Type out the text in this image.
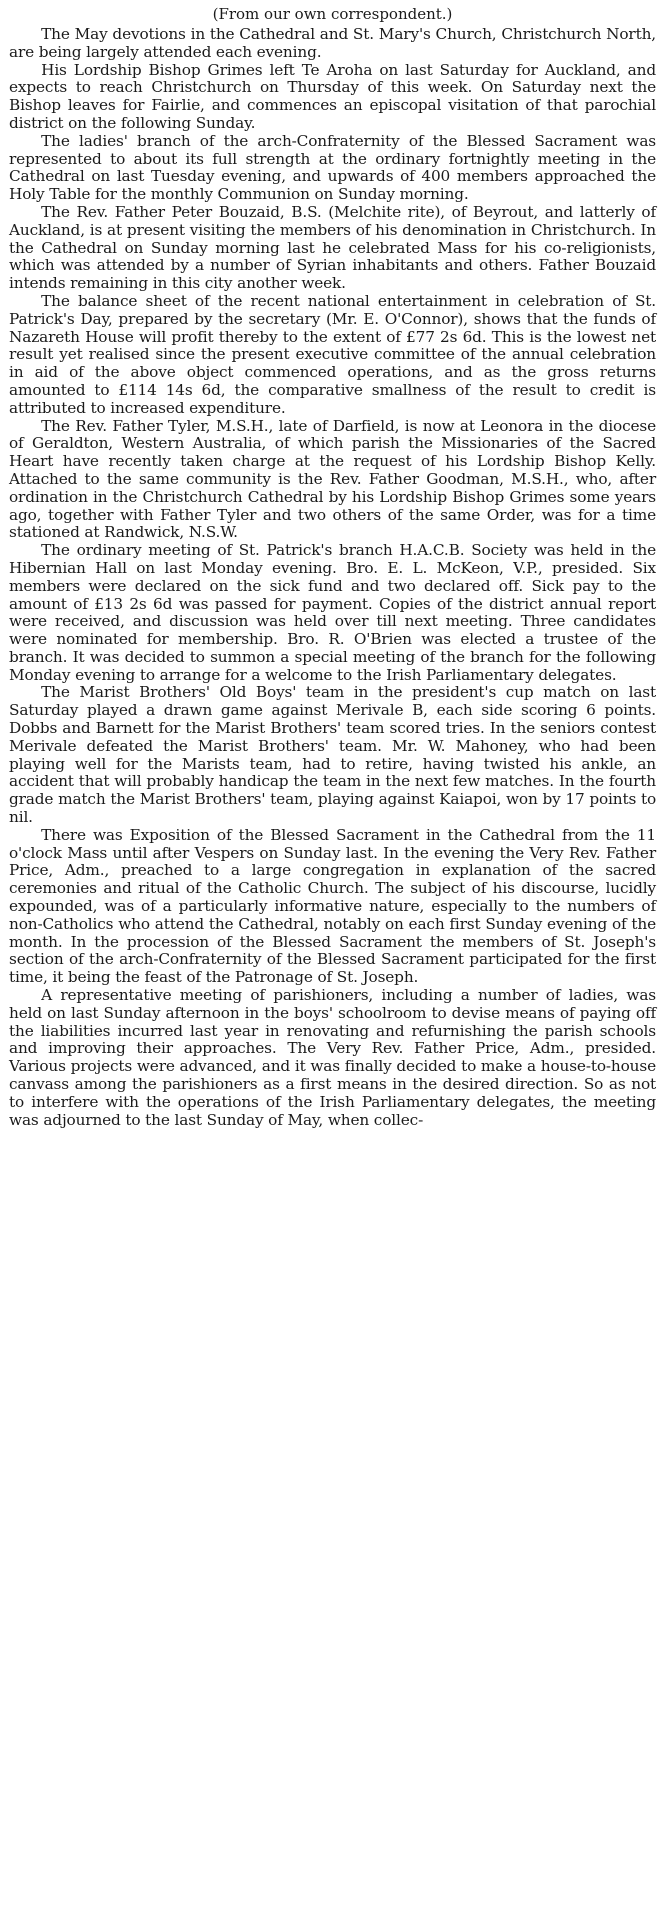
(From our own correspondent.)

The May devotions in the Cathedral and St. Mary's Church, Christchurch North, are being largely attended each evening.

His Lordship Bishop Grimes left Te Aroha on last Saturday for Auckland, and expects to reach Christchurch on Thursday of this week. On Saturday next the Bishop leaves for Fairlie, and commences an episcopal visitation of that parochial district on the following Sunday.

The ladies' branch of the arch-Confraternity of the Blessed Sacrament was represented to about its full strength at the ordinary fortnightly meeting in the Cathedral on last Tuesday evening, and upwards of 400 members approached the Holy Table for the monthly Communion on Sunday morning.

The Rev. Father Peter Bouzaid, B.S. (Melchite rite), of Beyrout, and latterly of Auckland, is at present visiting the members of his denomination in Christchurch. In the Cathedral on Sunday morning last he celebrated Mass for his co-religionists, which was attended by a number of Syrian inhabitants and others. Father Bouzaid intends remaining in this city another week.

The balance sheet of the recent national entertainment in celebration of St. Patrick's Day, prepared by the secretary (Mr. E. O'Connor), shows that the funds of Nazareth House will profit thereby to the extent of £77 2s 6d. This is the lowest net result yet realised since the present executive committee of the annual celebration in aid of the above object commenced operations, and as the gross returns amounted to £114 14s 6d, the comparative smallness of the result to credit is attributed to increased expenditure.

The Rev. Father Tyler, M.S.H., late of Darfield, is now at Leonora in the diocese of Geraldton, Western Australia, of which parish the Missionaries of the Sacred Heart have recently taken charge at the request of his Lordship Bishop Kelly. Attached to the same community is the Rev. Father Goodman, M.S.H., who, after ordination in the Christchurch Cathedral by his Lordship Bishop Grimes some years ago, together with Father Tyler and two others of the same Order, was for a time stationed at Randwick, N.S.W.

The ordinary meeting of St. Patrick's branch H.A.C.B. Society was held in the Hibernian Hall on last Monday evening. Bro. E. L. McKeon, V.P., presided. Six members were declared on the sick fund and two declared off. Sick pay to the amount of £13 2s 6d was passed for payment. Copies of the district annual report were received, and discussion was held over till next meeting. Three candidates were nominated for membership. Bro. R. O'Brien was elected a trustee of the branch. It was decided to summon a special meeting of the branch for the following Monday evening to arrange for a welcome to the Irish Parliamentary delegates.

The Marist Brothers' Old Boys' team in the president's cup match on last Saturday played a drawn game against Merivale B, each side scoring 6 points. Dobbs and Barnett for the Marist Brothers' team scored tries. In the seniors contest Merivale defeated the Marist Brothers' team. Mr. W. Mahoney, who had been playing well for the Marists team, had to retire, having twisted his ankle, an accident that will probably handicap the team in the next few matches. In the fourth grade match the Marist Brothers' team, playing against Kaiapoi, won by 17 points to nil.

There was Exposition of the Blessed Sacrament in the Cathedral from the 11 o'clock Mass until after Vespers on Sunday last. In the evening the Very Rev. Father Price, Adm., preached to a large congregation in explanation of the sacred ceremonies and ritual of the Catholic Church. The subject of his discourse, lucidly expounded, was of a particularly informative nature, especially to the numbers of non-Catholics who attend the Cathedral, notably on each first Sunday evening of the month. In the procession of the Blessed Sacrament the members of St. Joseph's section of the arch-Confraternity of the Blessed Sacrament participated for the first time, it being the feast of the Patronage of St. Joseph.

A representative meeting of parishioners, including a number of ladies, was held on last Sunday afternoon in the boys' schoolroom to devise means of paying off the liabilities incurred last year in renovating and refurnishing the parish schools and improving their approaches. The Very Rev. Father Price, Adm., presided. Various projects were advanced, and it was finally decided to make a house-to-house canvass among the parishioners as a first means in the desired direction. So as not to interfere with the operations of the Irish Parliamentary delegates, the meeting was adjourned to the last Sunday of May, when collec-
